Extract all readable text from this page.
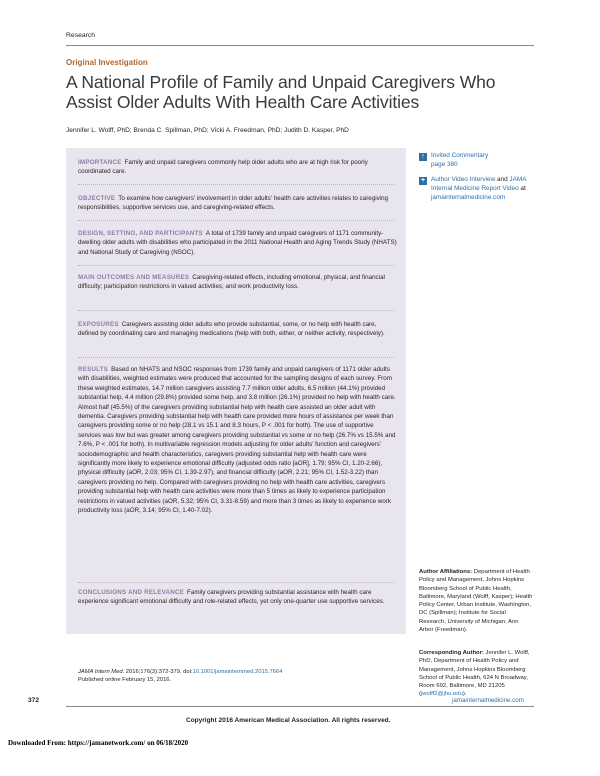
Research
Original Investigation
A National Profile of Family and Unpaid Caregivers Who Assist Older Adults With Health Care Activities
Jennifer L. Wolff, PhD; Brenda C. Spillman, PhD; Vicki A. Freedman, PhD; Judith D. Kasper, PhD
IMPORTANCE Family and unpaid caregivers commonly help older adults who are at high risk for poorly coordinated care.
OBJECTIVE To examine how caregivers' involvement in older adults' health care activities relates to caregiving responsibilities, supportive services use, and caregiving-related effects.
DESIGN, SETTING, AND PARTICIPANTS A total of 1739 family and unpaid caregivers of 1171 community-dwelling older adults with disabilities who participated in the 2011 National Health and Aging Trends Study (NHATS) and National Study of Caregiving (NSOC).
MAIN OUTCOMES AND MEASURES Caregiving-related effects, including emotional, physical, and financial difficulty; participation restrictions in valued activities; and work productivity loss.
EXPOSURES Caregivers assisting older adults who provide substantial, some, or no help with health care, defined by coordinating care and managing medications (help with both, either, or neither activity, respectively).
RESULTS Based on NHATS and NSOC responses from 1739 family and unpaid caregivers of 1171 older adults with disabilities, weighted estimates were produced that accounted for the sampling designs of each survey. From these weighted estimates, 14.7 million caregivers assisting 7.7 million older adults, 6.5 million (44.1%) provided substantial help, 4.4 million (29.8%) provided some help, and 3.8 million (26.1%) provided no help with health care. Almost half (45.5%) of the caregivers providing substantial help with health care assisted an older adult with dementia. Caregivers providing substantial help with health care provided more hours of assistance per week than caregivers providing some or no help (28.1 vs 15.1 and 8.3 hours, P < .001 for both). The use of supportive services was low but was greater among caregivers providing substantial vs some or no help (26.7% vs 15.5% and 7.6%, P < .001 for both). In multivariable regression models adjusting for older adults' function and caregivers' sociodemographic and health characteristics, caregivers providing substantial help with health care were significantly more likely to experience emotional difficulty (adjusted odds ratio [aOR], 1.79; 95% CI, 1.20-2.66), physical difficulty (aOR, 2.03; 95% CI, 1.39-2.97), and financial difficulty (aOR, 2.21; 95% CI, 1.52-3.22) than caregivers providing no help. Compared with caregivers providing no help with health care activities, caregivers providing substantial help with health care activities were more than 5 times as likely to experience participation restrictions in valued activities (aOR, 5.32; 95% CI, 3.31-8.59) and more than 3 times as likely to experience work productivity loss (aOR, 3.14; 95% CI, 1.40-7.02).
CONCLUSIONS AND RELEVANCE Family caregivers providing substantial assistance with health care experience significant emotional difficulty and role-related effects, yet only one-quarter use supportive services.
↑ Invited Commentary
page 380
+ Author Video Interview and JAMA Internal Medicine Report Video at
jamainternalmedicine.com
Author Affiliations: Department of Health Policy and Management, Johns Hopkins Bloomberg School of Public Health, Baltimore, Maryland (Wolff, Kasper); Health Policy Center, Urban Institute, Washington, DC (Spillman); Institute for Social Research, University of Michigan, Ann Arbor (Freedman).
Corresponding Author: Jennifer L. Wolff, PhD, Department of Health Policy and Management, Johns Hopkins Bloomberg School of Public Health, 624 N Broadway, Room 692, Baltimore, MD 21205 (jwolff2@jhu.edu).
JAMA Intern Med. 2016;176(3):372-379. doi:10.1001/jamainternmed.2015.7664
Published online February 15, 2016.
372	jamainternalmedicine.com
Copyright 2016 American Medical Association. All rights reserved.
Downloaded From: https://jamanetwork.com/ on 06/18/2020
